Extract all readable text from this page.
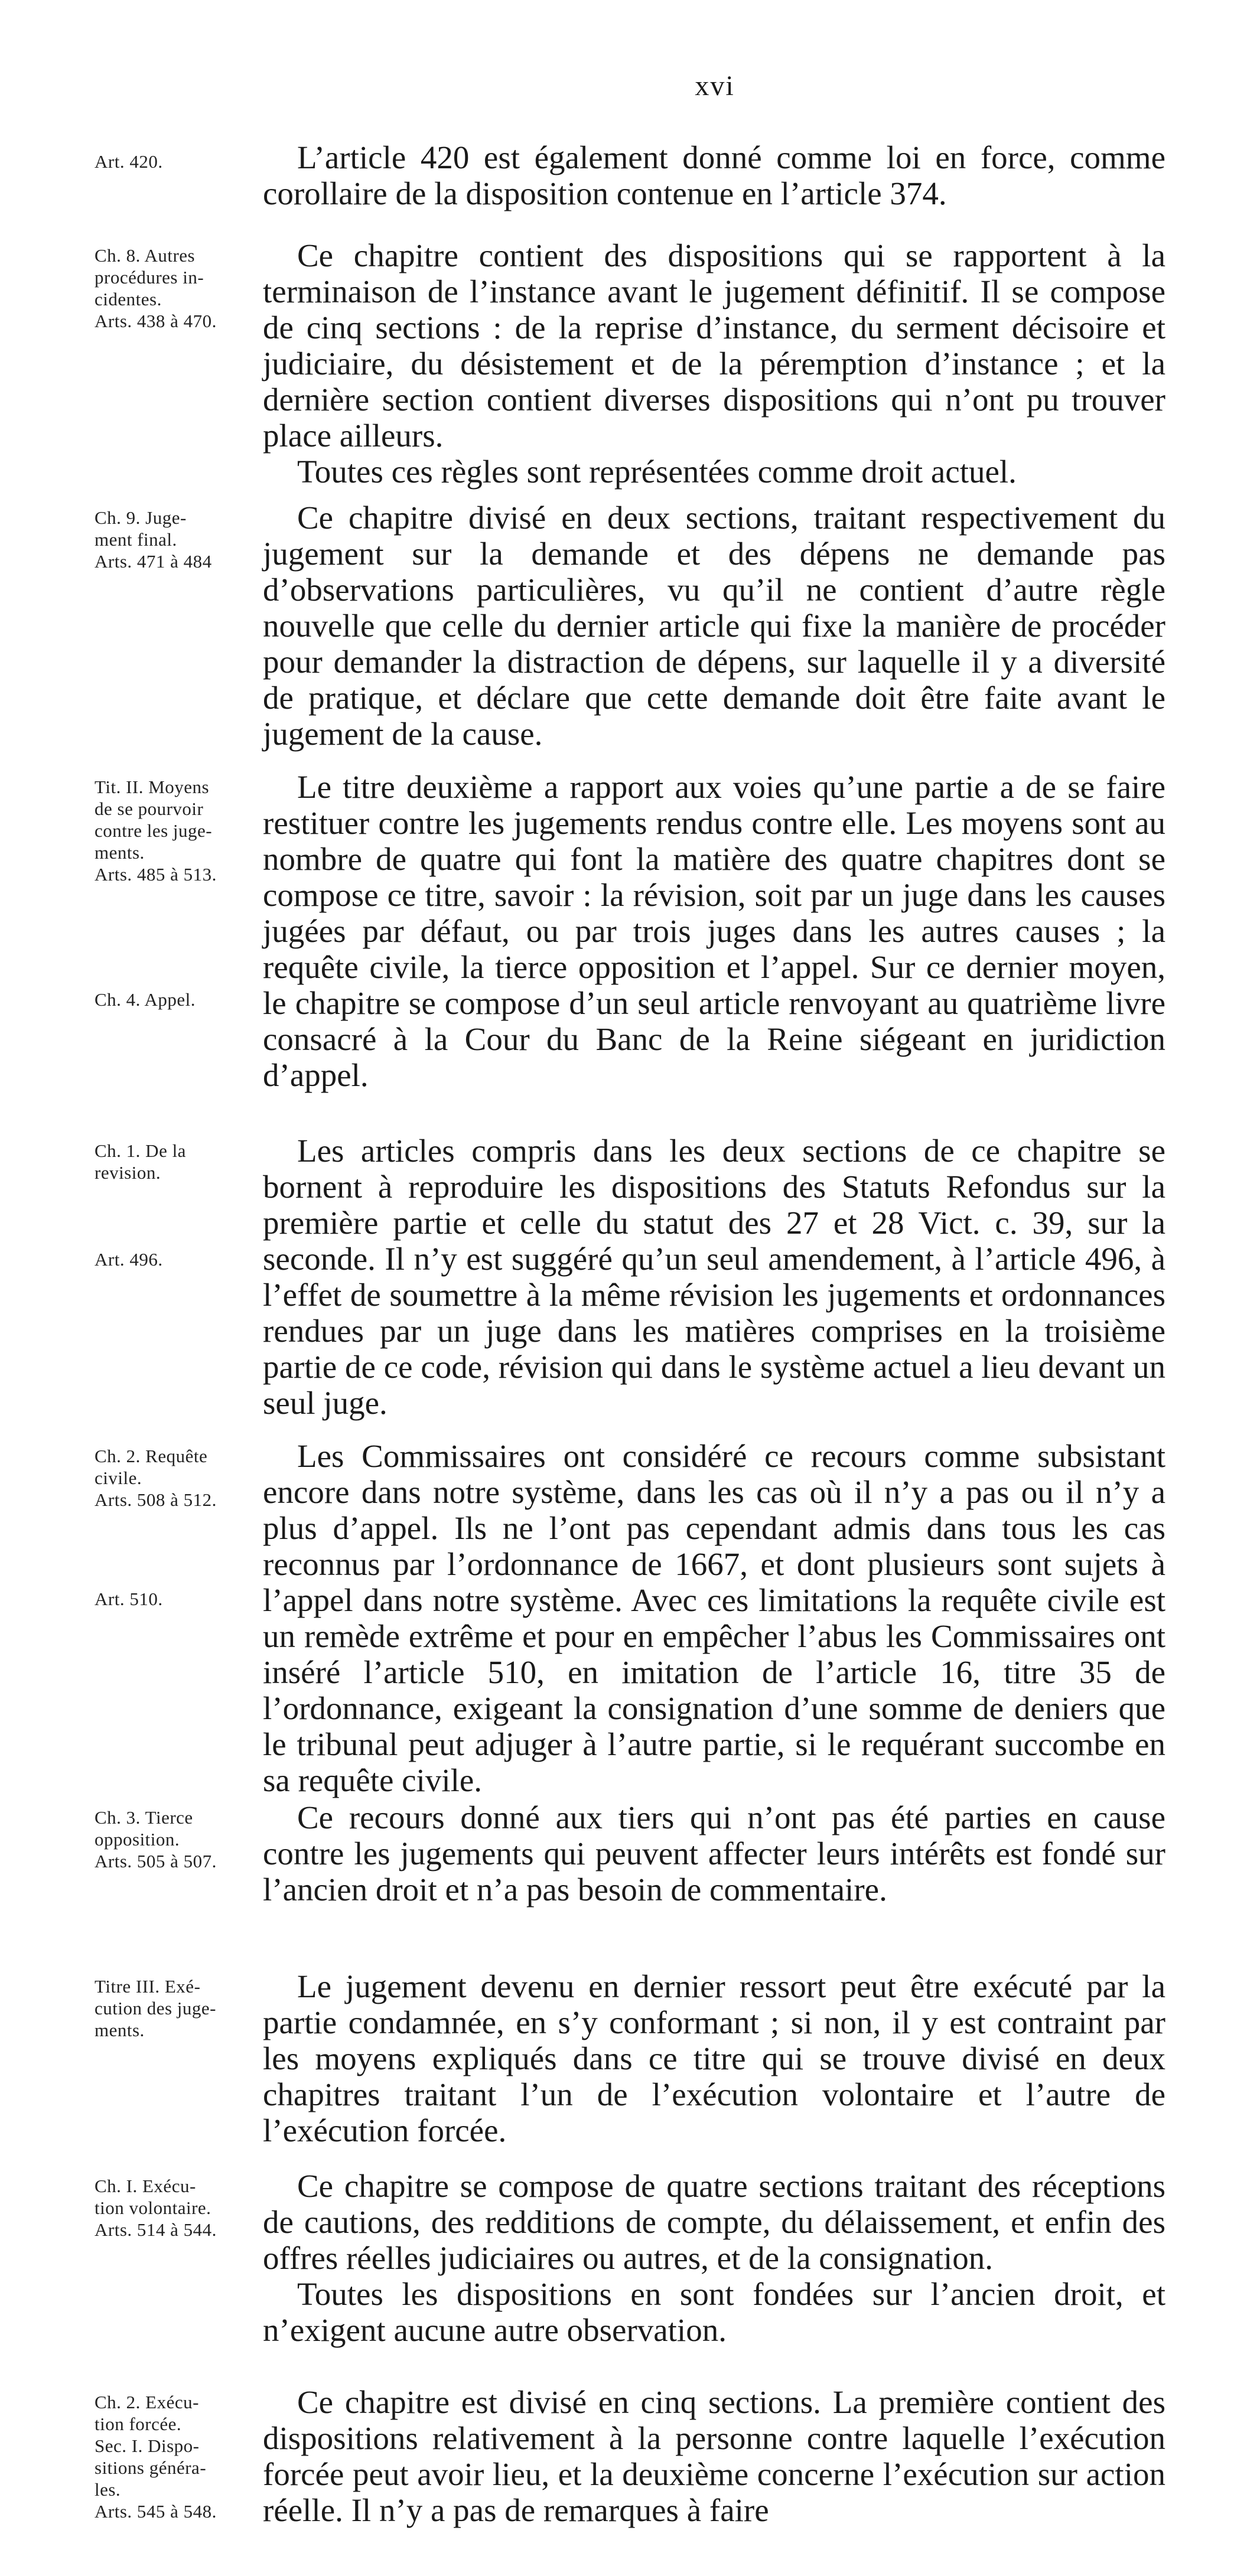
xvi
Art. 420.	L’article 420 est également donné comme loi en force, comme corollaire de la disposition contenue en l’article 374.

Ch. 8. Autres
procédures in-
cidentes.
Arts. 438 à 470.

Ce chapitre contient des dispositions qui se rapportent à la terminaison de l’instance avant le jugement définitif. Il se compose de cinq sections : de la reprise d’instance, du serment décisoire et judiciaire, du désistement et de la péremption d’instance ; et la dernière section contient diverses dispositions qui n’ont pu trouver place ailleurs.

Toutes ces règles sont représentées comme droit actuel.

Ch. 9. Juge-
ment final.
Arts. 471 à 484

Ce chapitre divisé en deux sections, traitant respectivement du jugement sur la demande et des dépens ne demande pas d’observations particulières, vu qu’il ne contient d’autre règle nouvelle que celle du dernier article qui fixe la manière de procéder pour demander la distraction de dépens, sur laquelle il y a diversité de pratique, et déclare que cette demande doit être faite avant le jugement de la cause.

Tit. II. Moyens
de se pourvoir
contre les juge-
ments.
Arts. 485 à 513.
Ch. 4. Appel.

Le titre deuxième a rapport aux voies qu’une partie a de se faire restituer contre les jugements rendus contre elle. Les moyens sont au nombre de quatre qui font la matière des quatre chapitres dont se compose ce titre, savoir : la révision, soit par un juge dans les causes jugées par défaut, ou par trois juges dans les autres causes ; la requête civile, la tierce opposition et l’appel. Sur ce dernier moyen, le chapitre se compose d’un seul article renvoyant au quatrième livre consacré à la Cour du Banc de la Reine siégeant en juridiction d’appel.

Ch. 1. De la
revision.
Art. 496.

Les articles compris dans les deux sections de ce chapitre se bornent à reproduire les dispositions des Statuts Refondus sur la première partie et celle du statut des 27 et 28 Vict. c. 39, sur la seconde. Il n’y est suggéré qu’un seul amendement, à l’article 496, à l’effet de soumettre à la même révision les jugements et ordonnances rendues par un juge dans les matières comprises en la troisième partie de ce code, révision qui dans le système actuel a lieu devant un seul juge.

Ch. 2. Requête
civile.
Arts. 508 à 512.
Art. 510.

Les Commissaires ont considéré ce recours comme subsistant encore dans notre système, dans les cas où il n’y a pas ou il n’y a plus d’appel. Ils ne l’ont pas cependant admis dans tous les cas reconnus par l’ordonnance de 1667, et dont plusieurs sont sujets à l’appel dans notre système. Avec ces limitations la requête civile est un remède extrême et pour en empêcher l’abus les Commissaires ont inséré l’article 510, en imitation de l’article 16, titre 35 de l’ordonnance, exigeant la consignation d’une somme de deniers que le tribunal peut adjuger à l’autre partie, si le requérant succombe en sa requête civile.

Ch. 3. Tierce
opposition.
Arts. 505 à 507.

Ce recours donné aux tiers qui n’ont pas été parties en cause contre les jugements qui peuvent affecter leurs intérêts est fondé sur l’ancien droit et n’a pas besoin de commentaire.

Titre III. Exé-
cution des juge-
ments.

Le jugement devenu en dernier ressort peut être exécuté par la partie condamnée, en s’y conformant ; si non, il y est contraint par les moyens expliqués dans ce titre qui se trouve divisé en deux chapitres traitant l’un de l’exécution volontaire et l’autre de l’exécution forcée.

Ch. I. Exécu-
tion volontaire.
Arts. 514 à 544.

Ce chapitre se compose de quatre sections traitant des réceptions de cautions, des redditions de compte, du délaissement, et enfin des offres réelles judiciaires ou autres, et de la consignation.

Toutes les dispositions en sont fondées sur l’ancien droit, et n’exigent aucune autre observation.

Ch. 2. Exécu-
tion forcée.
Sec. I. Dispo-
sitions généra-
les.
Arts. 545 à 548.

Ce chapitre est divisé en cinq sections. La première contient des dispositions relativement à la personne contre laquelle l’exécution forcée peut avoir lieu, et la deuxième concerne l’exécution sur action réelle. Il n’y a pas de remarques à faire
